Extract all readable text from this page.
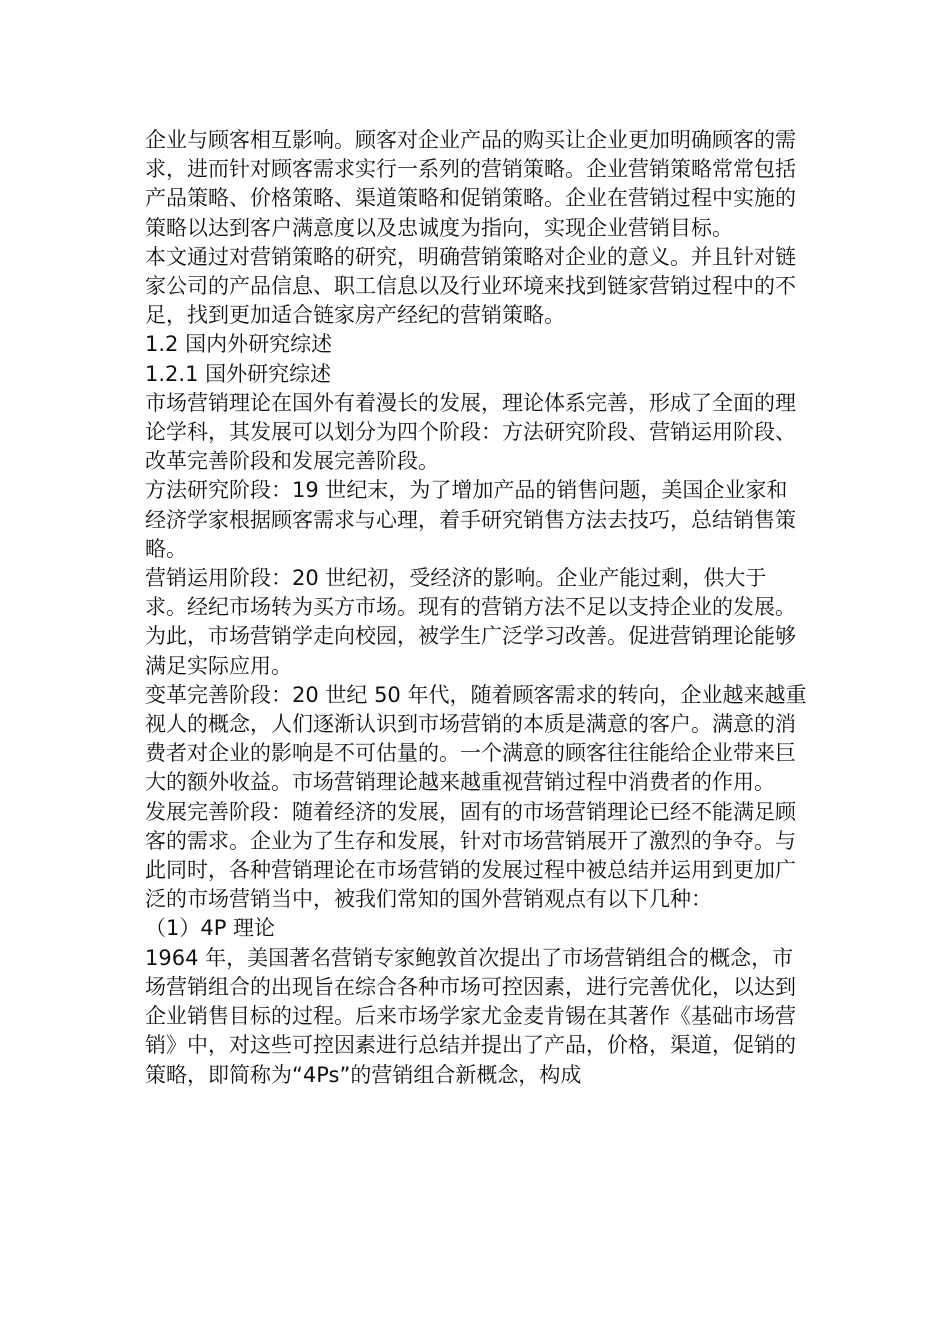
企业与顾客相互影响。顾客对企业产品的购买让企业更加明确顾客的需求，进而针对顾客需求实行一系列的营销策略。企业营销策略常常包括产品策略、价格策略、渠道策略和促销策略。企业在营销过程中实施的策略以达到客户满意度以及忠诚度为指向，实现企业营销目标。

本文通过对营销策略的研究，明确营销策略对企业的意义。并且针对链家公司的产品信息、职工信息以及行业环境来找到链家营销过程中的不足，找到更加适合链家房产经纪的营销策略。

1.2 国内外研究综述

1.2.1 国外研究综述

市场营销理论在国外有着漫长的发展，理论体系完善，形成了全面的理论学科，其发展可以划分为四个阶段：方法研究阶段、营销运用阶段、改革完善阶段和发展完善阶段。

方法研究阶段：19 世纪末，为了增加产品的销售问题，美国企业家和经济学家根据顾客需求与心理，着手研究销售方法去技巧，总结销售策略。

营销运用阶段：20 世纪初，受经济的影响。企业产能过剩，供大于求。经纪市场转为买方市场。现有的营销方法不足以支持企业的发展。为此，市场营销学走向校园，被学生广泛学习改善。促进营销理论能够满足实际应用。

变革完善阶段：20 世纪 50 年代，随着顾客需求的转向，企业越来越重视人的概念，人们逐渐认识到市场营销的本质是满意的客户。满意的消费者对企业的影响是不可估量的。一个满意的顾客往往能给企业带来巨大的额外收益。市场营销理论越来越重视营销过程中消费者的作用。

发展完善阶段：随着经济的发展，固有的市场营销理论已经不能满足顾客的需求。企业为了生存和发展，针对市场营销展开了激烈的争夺。与此同时，各种营销理论在市场营销的发展过程中被总结并运用到更加广泛的市场营销当中，被我们常知的国外营销观点有以下几种：

（1）4P 理论

1964 年，美国著名营销专家鲍敦首次提出了市场营销组合的概念，市场营销组合的出现旨在综合各种市场可控因素，进行完善优化，以达到企业销售目标的过程。后来市场学家尤金麦肯锡在其著作《基础市场营销》中，对这些可控因素进行总结并提出了产品，价格，渠道，促销的策略，即简称为“4Ps”的营销组合新概念，构成
